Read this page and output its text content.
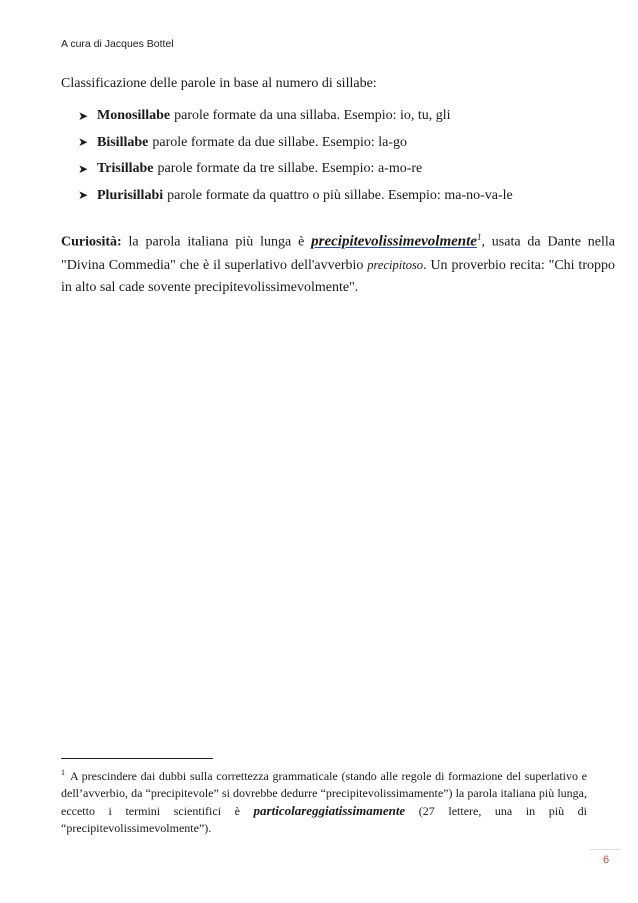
A cura di Jacques Bottel
Classificazione delle parole in base al numero di sillabe:
➤ Monosillabe parole formate da una sillaba. Esempio: io, tu, gli
➤ Bisillabe parole formate da due sillabe. Esempio: la-go
➤ Trisillabe parole formate da tre sillabe. Esempio: a-mo-re
➤ Plurisillabi parole formate da quattro o più sillabe. Esempio: ma-no-va-le
Curiosità: la parola italiana più lunga è precipitevolissimevolmente$^1$, usata da Dante nella "Divina Commedia" che è il superlativo dell'avverbio precipitoso. Un proverbio recita: "Chi troppo in alto sal cade sovente precipitevolissimevolmente".
$^1$ A prescindere dai dubbi sulla correttezza grammaticale (stando alle regole di formazione del superlativo e dell’avverbio, da “precipitevole” si dovrebbe dedurre “precipitevolissimamente”) la parola italiana più lunga, eccetto i termini scientifici è particolareggiatissimamente (27 lettere, una in più di “precipitevolissimevolmente”).
6
